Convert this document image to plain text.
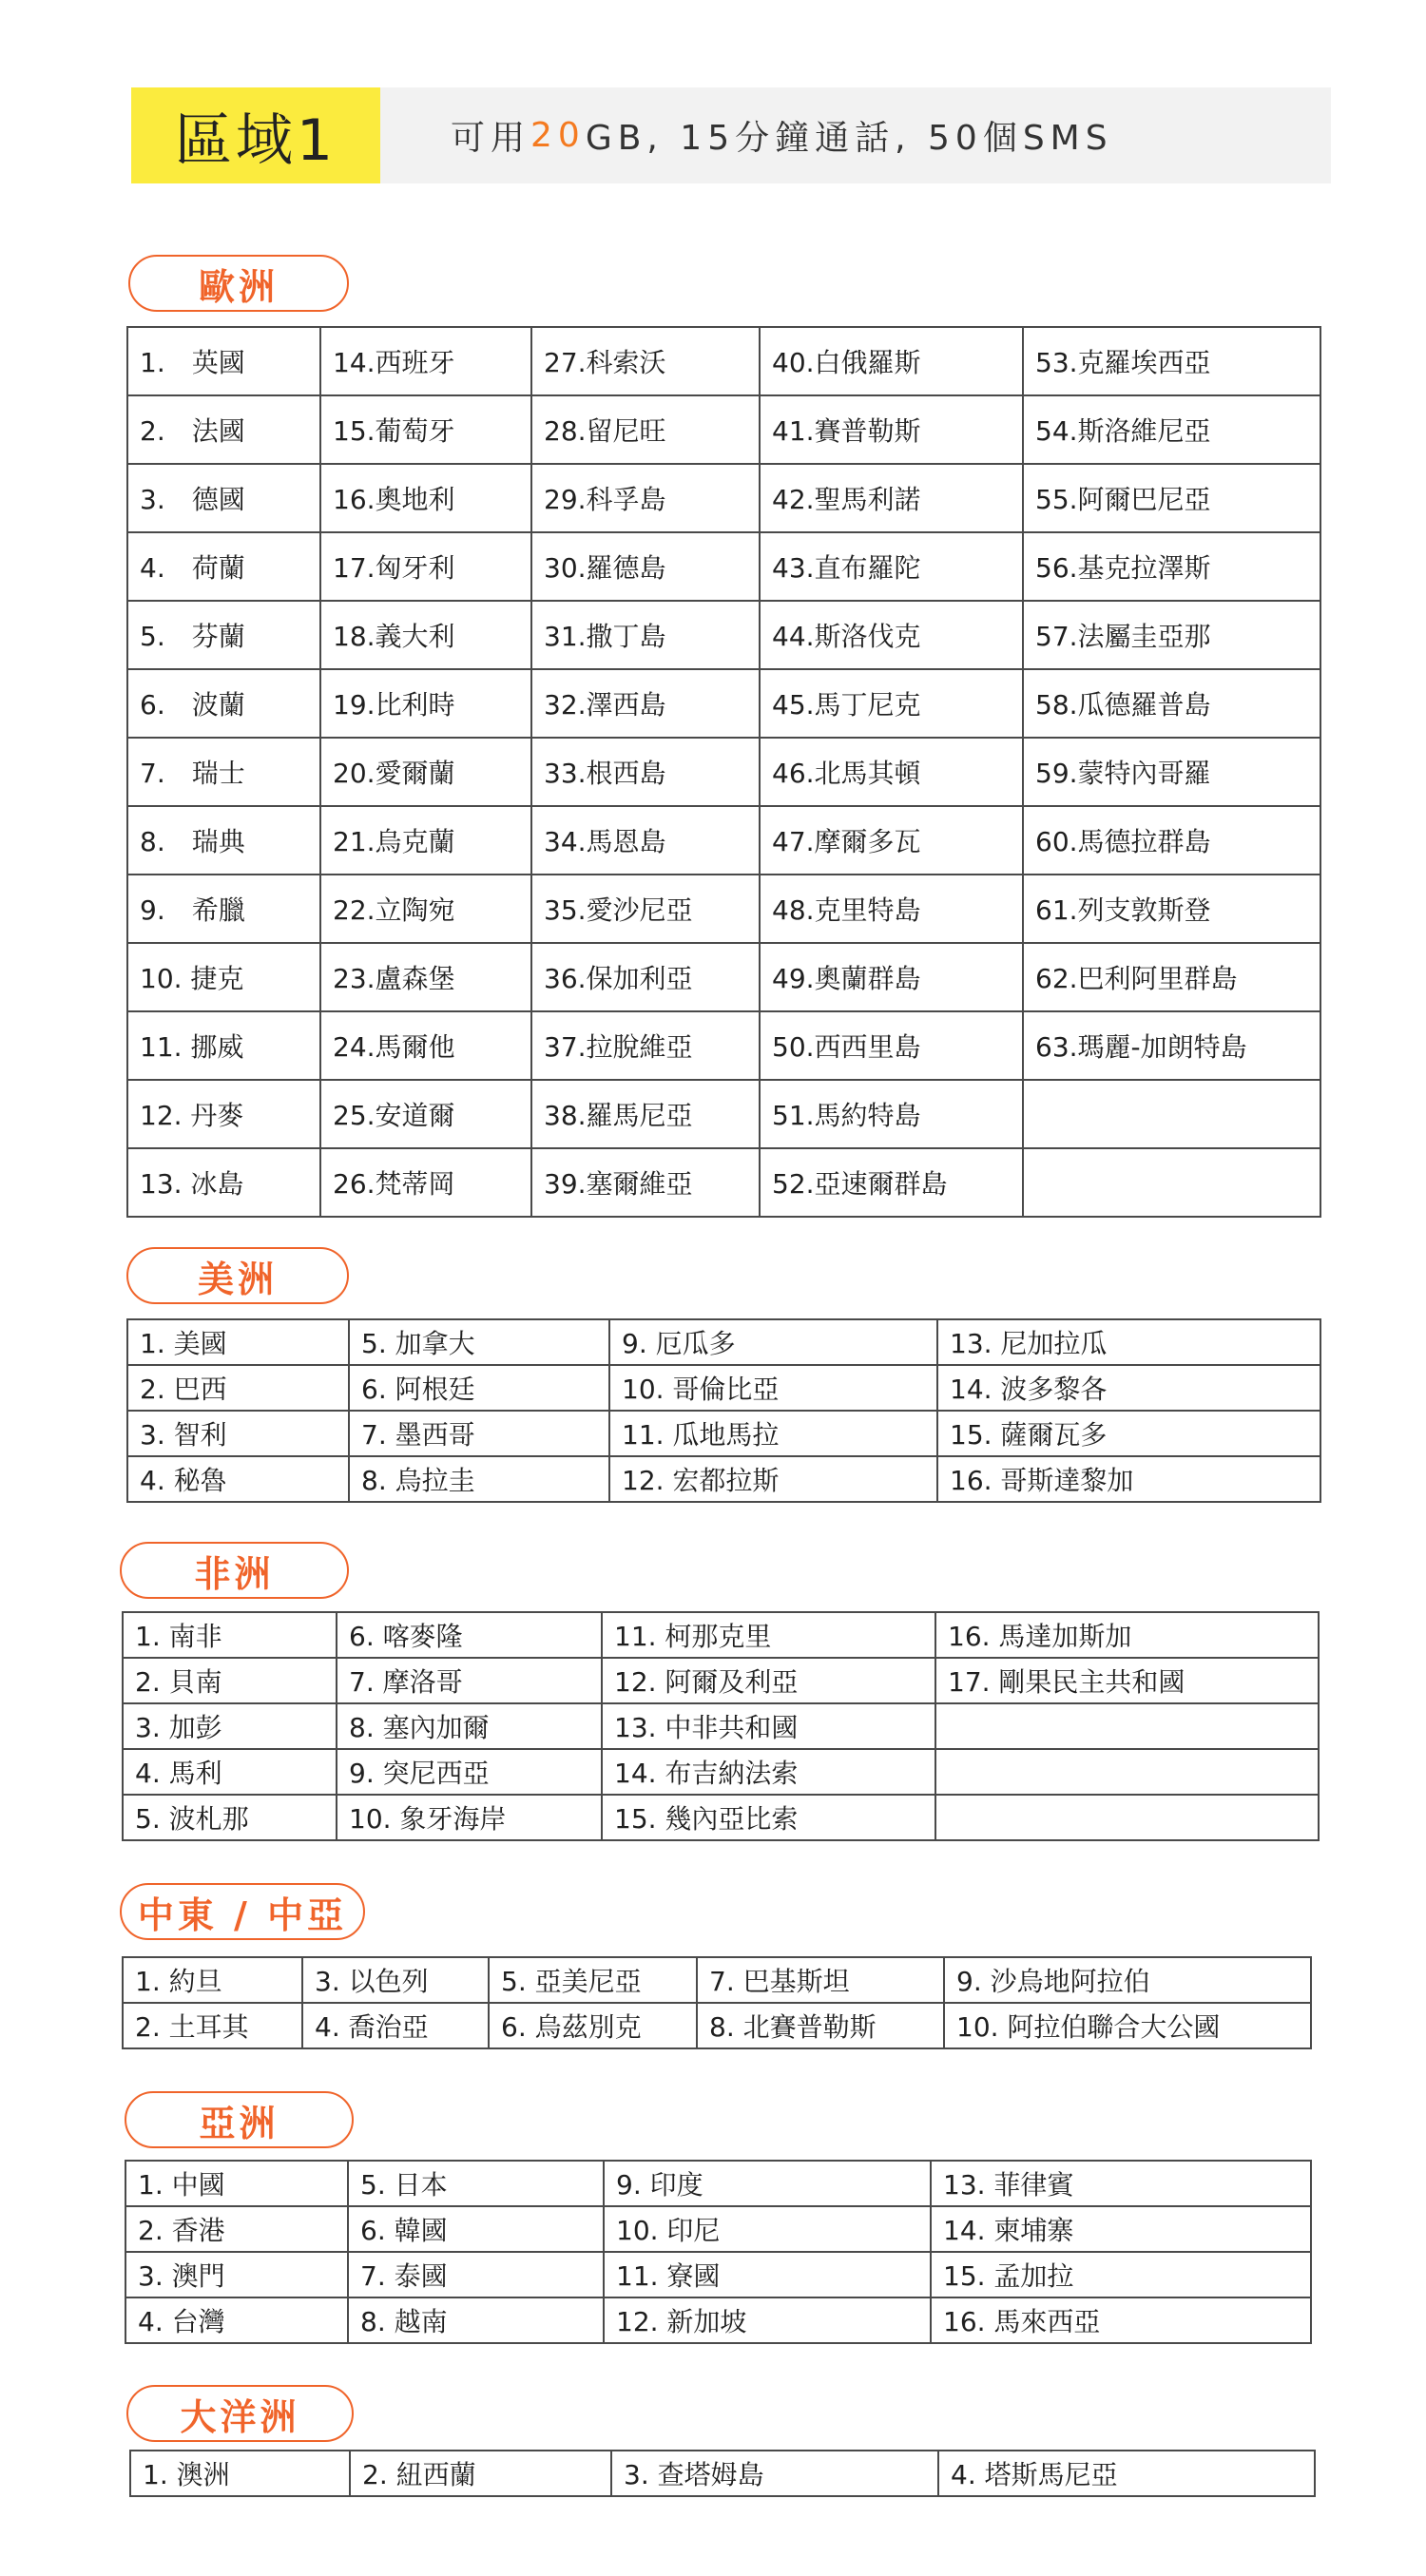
區域1	可用 20 GB, 15分鐘通話, 50個SMS
歐洲
1.　英國	14.西班牙	27.科索沃	40.白俄羅斯	53.克羅埃西亞
2.　法國	15.葡萄牙	28.留尼旺	41.賽普勒斯	54.斯洛維尼亞
3.　德國	16.奧地利	29.科孚島	42.聖馬利諾	55.阿爾巴尼亞
4.　荷蘭	17.匈牙利	30.羅德島	43.直布羅陀	56.基克拉澤斯
5.　芬蘭	18.義大利	31.撒丁島	44.斯洛伐克	57.法屬圭亞那
6.　波蘭	19.比利時	32.澤西島	45.馬丁尼克	58.瓜德羅普島
7.　瑞士	20.愛爾蘭	33.根西島	46.北馬其頓	59.蒙特內哥羅
8.　瑞典	21.烏克蘭	34.馬恩島	47.摩爾多瓦	60.馬德拉群島
9.　希臘	22.立陶宛	35.愛沙尼亞	48.克里特島	61.列支敦斯登
10. 捷克	23.盧森堡	36.保加利亞	49.奧蘭群島	62.巴利阿里群島
11. 挪威	24.馬爾他	37.拉脫維亞	50.西西里島	63.瑪麗-加朗特島
12. 丹麥	25.安道爾	38.羅馬尼亞	51.馬約特島	
13. 冰島	26.梵蒂岡	39.塞爾維亞	52.亞速爾群島	
美洲
1. 美國	5. 加拿大	9. 厄瓜多	13. 尼加拉瓜
2. 巴西	6. 阿根廷	10. 哥倫比亞	14. 波多黎各
3. 智利	7. 墨西哥	11. 瓜地馬拉	15. 薩爾瓦多
4. 秘魯	8. 烏拉圭	12. 宏都拉斯	16. 哥斯達黎加
非洲
1. 南非	6. 喀麥隆	11. 柯那克里	16. 馬達加斯加
2. 貝南	7. 摩洛哥	12. 阿爾及利亞	17. 剛果民主共和國
3. 加彭	8. 塞內加爾	13. 中非共和國	
4. 馬利	9. 突尼西亞	14. 布吉納法索	
5. 波札那	10. 象牙海岸	15. 幾內亞比索	
中東 / 中亞
1. 約旦	3. 以色列	5. 亞美尼亞	7. 巴基斯坦	9. 沙烏地阿拉伯
2. 土耳其	4. 喬治亞	6. 烏茲別克	8. 北賽普勒斯	10. 阿拉伯聯合大公國
亞洲
1. 中國	5. 日本	9. 印度	13. 菲律賓
2. 香港	6. 韓國	10. 印尼	14. 柬埔寨
3. 澳門	7. 泰國	11. 寮國	15. 孟加拉
4. 台灣	8. 越南	12. 新加坡	16. 馬來西亞
大洋洲
1. 澳洲	2. 紐西蘭	3. 查塔姆島	4. 塔斯馬尼亞
